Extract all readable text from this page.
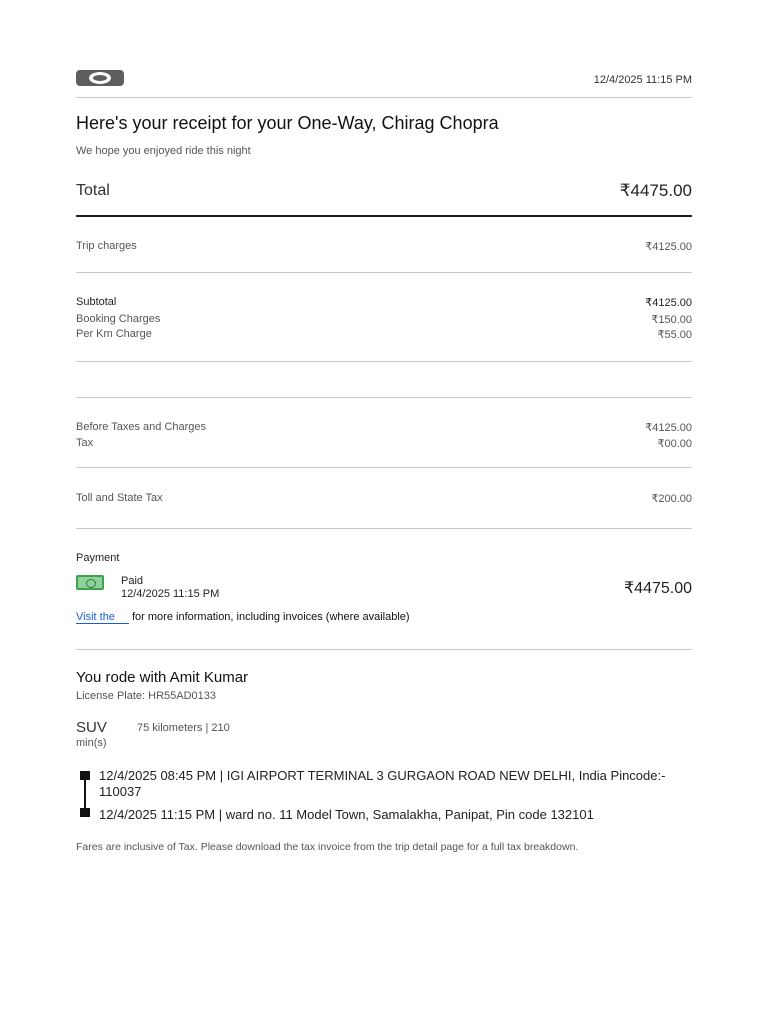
12/4/2025 11:15 PM
Here's your receipt for your One-Way, Chirag Chopra
We hope you enjoyed ride this night
Total	₹4475.00
Trip charges	₹4125.00
Subtotal	₹4125.00
Booking Charges	₹150.00
Per Km Charge	₹55.00
Before Taxes and Charges	₹4125.00
Tax	₹00.00
Toll and State Tax	₹200.00
Payment
Paid
12/4/2025 11:15 PM	₹4475.00
Visit the	for more information, including invoices (where available)
You rode with Amit Kumar
License Plate: HR55AD0133
SUV	75 kilometers | 210
min(s)
12/4/2025 08:45 PM | IGI AIRPORT TERMINAL 3 GURGAON ROAD NEW DELHI, India Pincode:-
110037
12/4/2025 11:15 PM | ward no. 11 Model Town, Samalakha, Panipat, Pin code 132101
Fares are inclusive of Tax. Please download the tax invoice from the trip detail page for a full tax breakdown.
